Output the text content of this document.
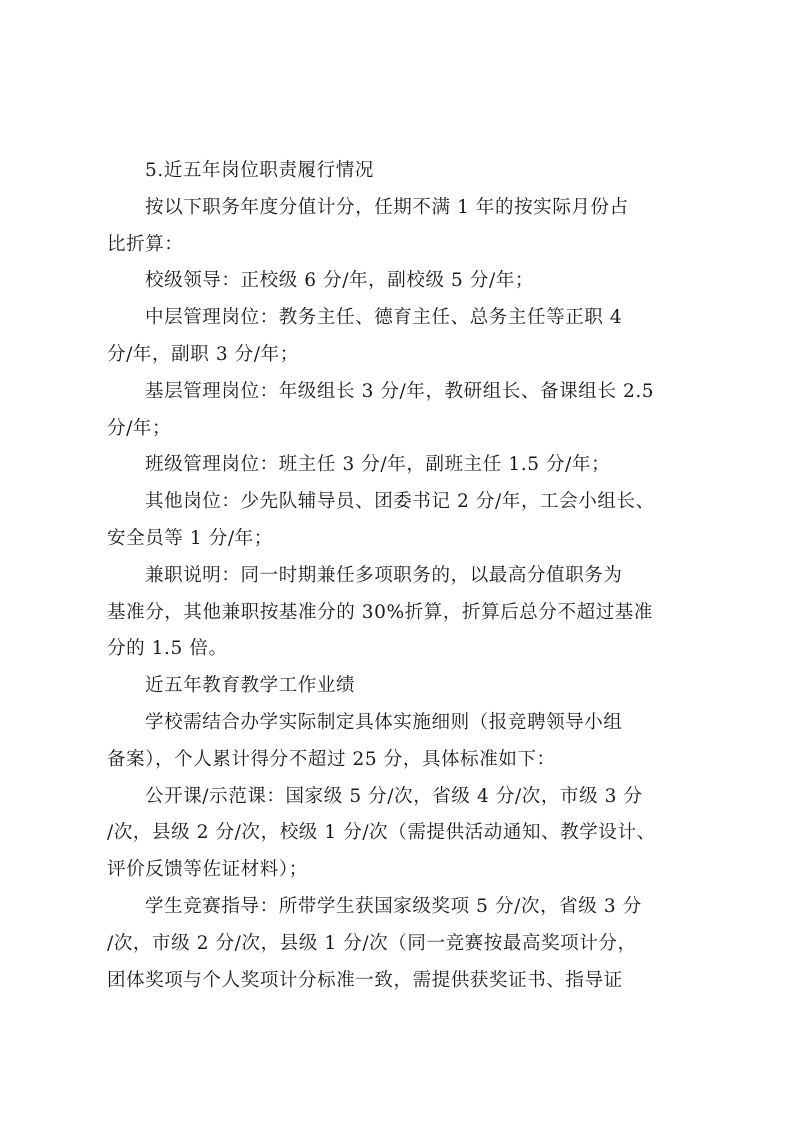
5.近五年岗位职责履行情况
按以下职务年度分值计分，任期不满 1 年的按实际月份占
比折算：
校级领导：正校级 6 分/年，副校级 5 分/年；
中层管理岗位：教务主任、德育主任、总务主任等正职 4
分/年，副职 3 分/年；
基层管理岗位：年级组长 3 分/年，教研组长、备课组长 2.5
分/年；
班级管理岗位：班主任 3 分/年，副班主任 1.5 分/年；
其他岗位：少先队辅导员、团委书记 2 分/年，工会小组长、
安全员等 1 分/年；
兼职说明：同一时期兼任多项职务的，以最高分值职务为
基准分，其他兼职按基准分的 30%折算，折算后总分不超过基准
分的 1.5 倍。
近五年教育教学工作业绩
学校需结合办学实际制定具体实施细则（报竞聘领导小组
备案），个人累计得分不超过 25 分，具体标准如下：
公开课/示范课：国家级 5 分/次，省级 4 分/次，市级 3 分
/次，县级 2 分/次，校级 1 分/次（需提供活动通知、教学设计、
评价反馈等佐证材料）；
学生竞赛指导：所带学生获国家级奖项 5 分/次，省级 3 分
/次，市级 2 分/次，县级 1 分/次（同一竞赛按最高奖项计分，
团体奖项与个人奖项计分标准一致，需提供获奖证书、指导证
